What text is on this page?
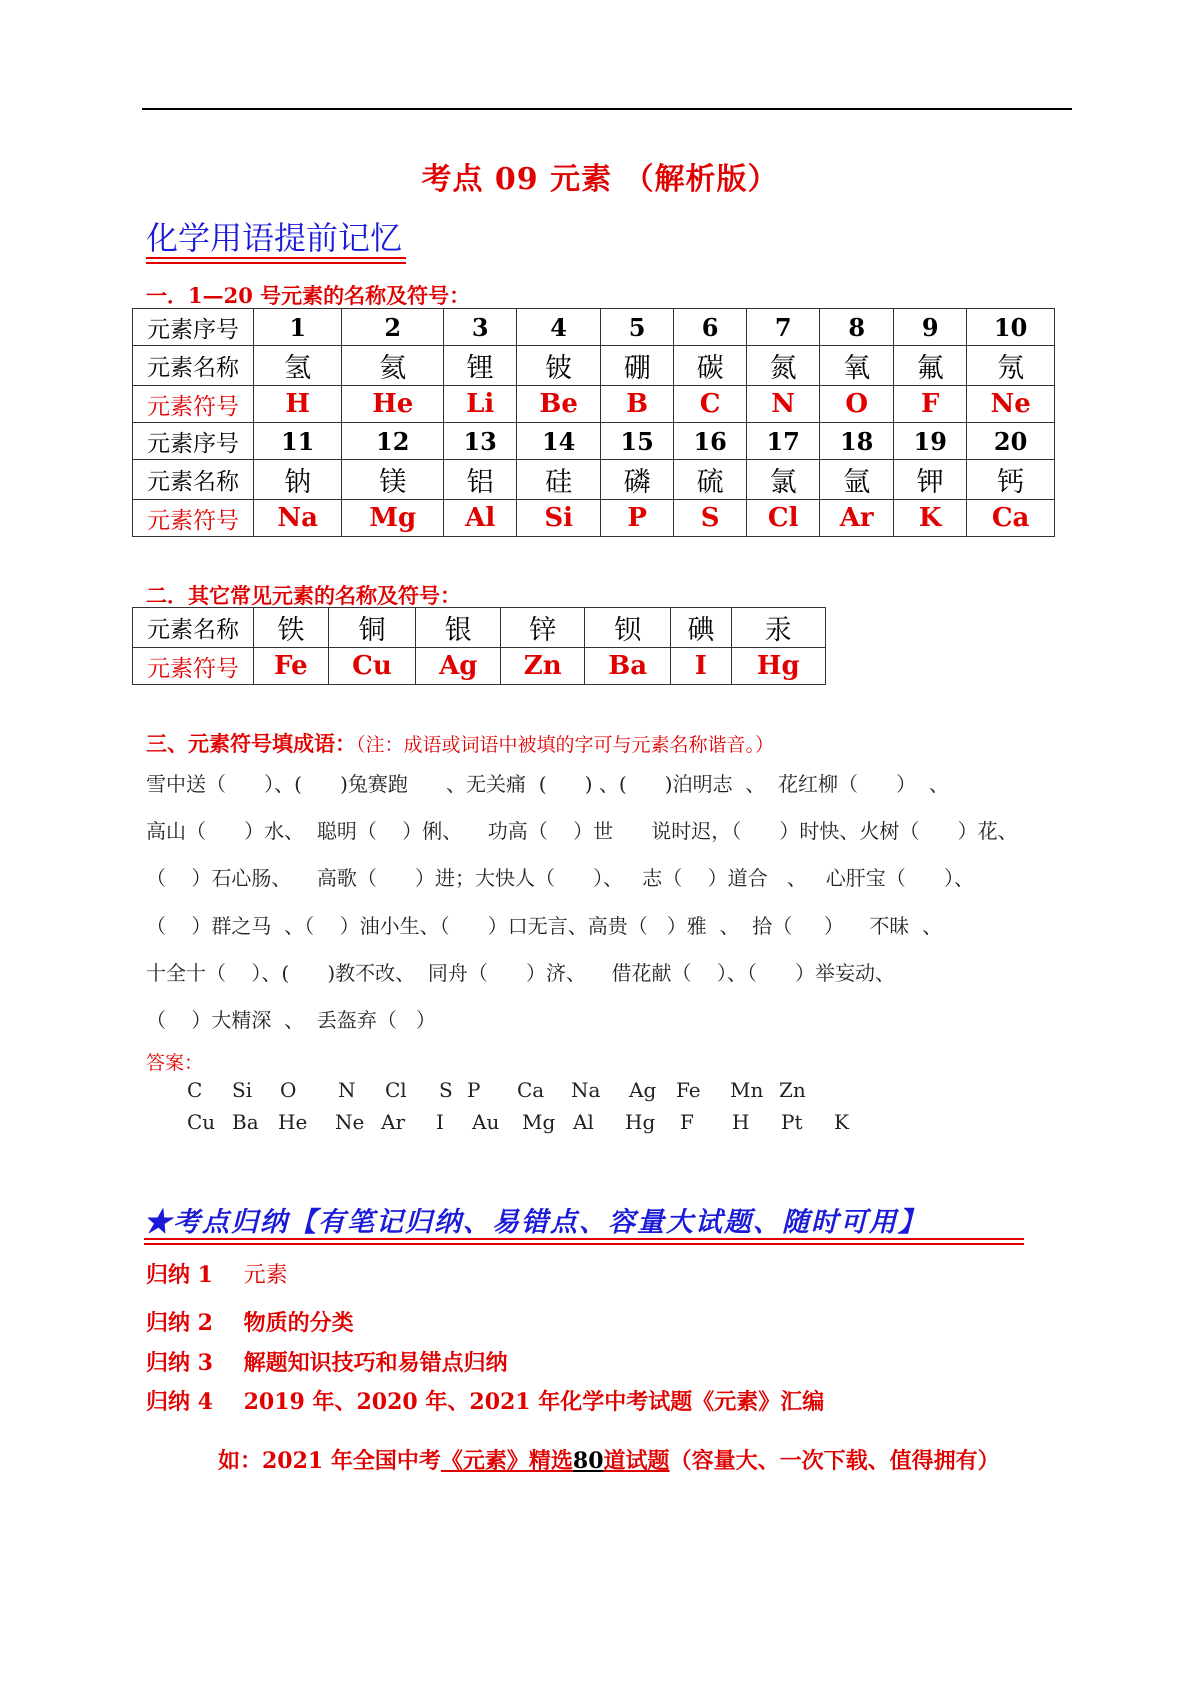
考点 09 元素 （解析版）
化学用语提前记忆
一．1—20 号元素的名称及符号：
元素序号	1	2	3	4	5	6	7	8	9	10
元素名称	氢	氦	锂	铍	硼	碳	氮	氧	氟	氖
元素符号	H	He	Li	Be	B	C	N	O	F	Ne
元素序号	11	12	13	14	15	16	17	18	19	20
元素名称	钠	镁	铝	硅	磷	硫	氯	氩	钾	钙
元素符号	Na	Mg	Al	Si	P	S	Cl	Ar	K	Ca
二．其它常见元素的名称及符号：
元素名称	铁	铜	银	锌	钡	碘	汞
元素符号	Fe	Cu	Ag	Zn	Ba	I	Hg
三、元素符号填成语：（注：成语或词语中被填的字可与元素名称谐音。）
雪中送（      ）、(      )兔赛跑      、无关痛  (      ) 、(      )泊明志  、  花红柳（      ）  、
高山（      ）水、  聪明（    ）俐、    功高（    ）世      说时迟，（      ）时快、火树（      ）花、
（    ）石心肠、    高歌（      ）进；大快人（      ）、   志（    ）道合   、   心肝宝（      ）、
（    ）群之马  、（    ）油小生、（      ）口无言、高贵（   ）雅  、  拾（     ）    不昧  、
十全十（    ）、(      )教不改、  同舟（      ）济、    借花献（    ）、（      ）举妄动、
（    ）大精深  、  丢盔弃（   ）
答案：
C Si O N Cl S P Ca Na Ag Fe Mn Zn
Cu Ba He Ne Ar I Au Mg Al Hg F H Pt K
★考点归纳【有笔记归纳、易错点、容量大试题、随时可用】
归纳 1 元素
归纳 2 物质的分类
归纳 3 解题知识技巧和易错点归纳
归纳 4 2019 年、2020 年、2021 年化学中考试题《元素》汇编
如：2021 年全国中考《元素》精选80道试题（容量大、一次下载、值得拥有）
